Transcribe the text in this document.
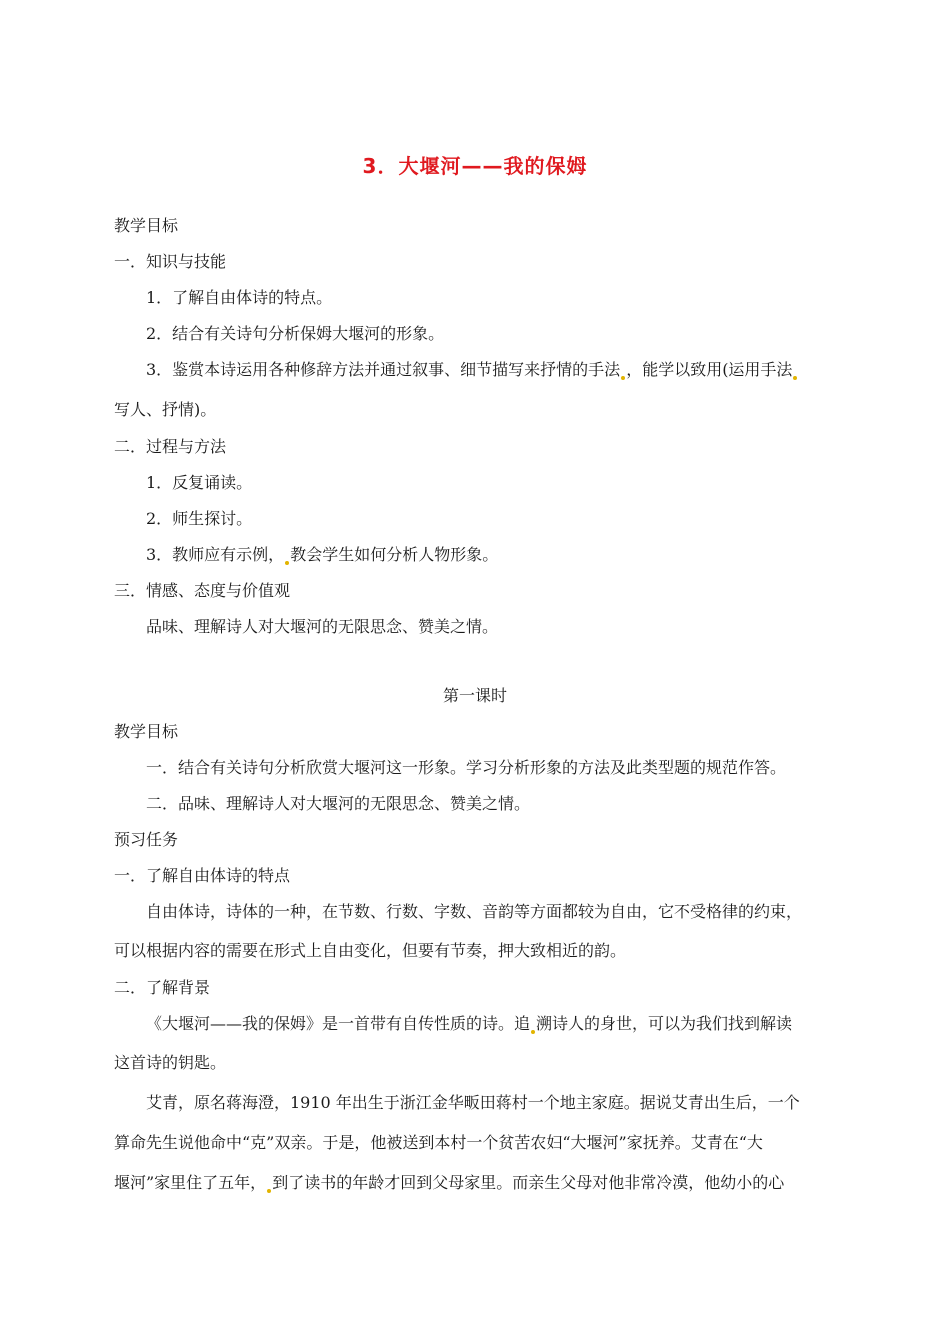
3．大堰河——我的保姆
教学目标
一．知识与技能
1．了解自由体诗的特点。
2．结合有关诗句分析保姆大堰河的形象。
3．鉴赏本诗运用各种修辞方法并通过叙事、细节描写来抒情的手法 ，能学以致用(运用手法
写人、抒情)。
二．过程与方法
1．反复诵读。
2．师生探讨。
3．教师应有示例， 教会学生如何分析人物形象。
三．情感、态度与价值观
品味、理解诗人对大堰河的无限思念、赞美之情。
第一课时
教学目标
一．结合有关诗句分析欣赏大堰河这一形象。学习分析形象的方法及此类型题的规范作答。
二．品味、理解诗人对大堰河的无限思念、赞美之情。
预习任务
一．了解自由体诗的特点
自由体诗，诗体的一种，在节数、行数、字数、音韵等方面都较为自由，它不受格律的约束，
可以根据内容的需要在形式上自由变化，但要有节奏，押大致相近的韵。
二．了解背景
《大堰河——我的保姆》是一首带有自传性质的诗。追 溯诗人的身世，可以为我们找到解读
这首诗的钥匙。
艾青，原名蒋海澄，1910 年出生于浙江金华畈田蒋村一个地主家庭。据说艾青出生后，一个
算命先生说他命中“克”双亲。于是，他被送到本村一个贫苦农妇“大堰河”家抚养。艾青在“大
堰河”家里住了五年， 到了读书的年龄才回到父母家里。而亲生父母对他非常冷漠，他幼小的心
